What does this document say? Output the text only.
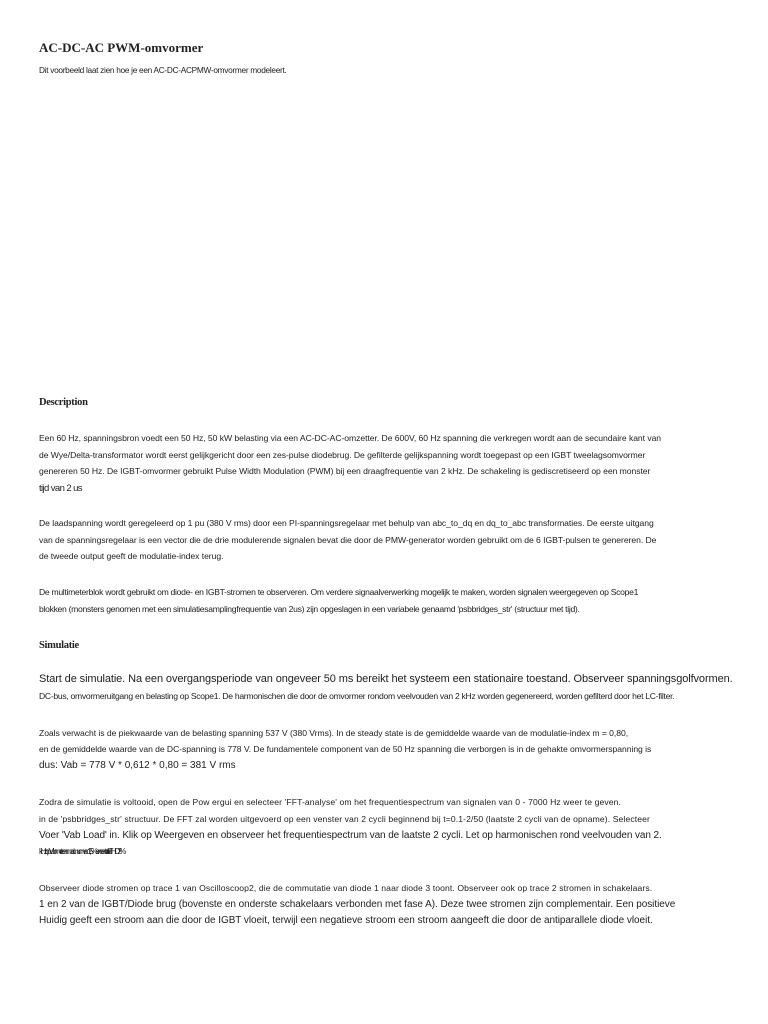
AC-DC-AC PWM-omvormer
Dit voorbeeld laat zien hoe je een AC-DC-ACPMW-omvormer modeleert.
Description
Een 60 Hz, spanningsbron voedt een 50 Hz, 50 kW belasting via een AC-DC-AC-omzetter. De 600V, 60 Hz spanning die verkregen wordt aan de secundaire kant van
de Wye/Delta-transformator wordt eerst gelijkgericht door een zes-pulse diodebrug. De gefilterde gelijkspanning wordt toegepast op een IGBT tweelagsomvormer
genereren 50 Hz. De IGBT-omvormer gebruikt Pulse Width Modulation (PWM) bij een draagfrequentie van 2 kHz. De schakeling is gediscretiseerd op een monster
tijd van 2 us
De laadspanning wordt geregeleerd op 1 pu (380 V rms) door een PI-spanningsregelaar met behulp van abc_to_dq en dq_to_abc transformaties. De eerste uitgang
van de spanningsregelaar is een vector die de drie modulerende signalen bevat die door de PMW-generator worden gebruikt om de 6 IGBT-pulsen te genereren. De
de tweede output geeft de modulatie-index terug.
De multimeterblok wordt gebruikt om diode- en IGBT-stromen te observeren. Om verdere signaalverwerking mogelijk te maken, worden signalen weergegeven op Scope1
blokken (monsters genomen met een simulatiesamplingfrequentie van 2us) zijn opgeslagen in een variabele genaamd 'psbbridges_str' (structuur met tijd).
Simulatie
Start de simulatie. Na een overgangsperiode van ongeveer 50 ms bereikt het systeem een stationaire toestand. Observeer spanningsgolfvormen.
DC-bus, omvormeruitgang en belasting op Scope1. De harmonischen die door de omvormer rondom veelvouden van 2 kHz worden gegenereerd, worden gefilterd door het LC-filter.
Zoals verwacht is de piekwaarde van de belasting spanning 537 V (380 Vrms). In de steady state is de gemiddelde waarde van de modulatie-index m = 0,80,
en de gemiddelde waarde van de DC-spanning is 778 V. De fundamentele component van de 50 Hz spanning die verborgen is in de gehakte omvormerspanning is
dus: Vab = 778 V * 0,612 * 0,80 = 381 V rms
Zodra de simulatie is voltooid, open de Pow ergui en selecteer 'FFT-analyse' om het frequentiespectrum van signalen van 0 - 7000 Hz weer te geven.
in de 'psbbridges_str' structuur. De FFT zal worden uitgevoerd op een venster van 2 cycli beginnend bij t=0.1-2/50 (laatste 2 cycli van de opname). Selecteer
Voer 'Vab Load' in. Klik op Weergeven en observeer het frequentiespectrum van de laatste 2 cycli. Let op harmonischen rond veelvouden van 2.
kHz op Vab met een maximum van 1,5% en een totale THD 2%
Observeer diode stromen op trace 1 van Oscilloscoop2, die de commutatie van diode 1 naar diode 3 toont. Observeer ook op trace 2 stromen in schakelaars.
1 en 2 van de IGBT/Diode brug (bovenste en onderste schakelaars verbonden met fase A). Deze twee stromen zijn complementair. Een positieve
Huidig geeft een stroom aan die door de IGBT vloeit, terwijl een negatieve stroom een stroom aangeeft die door de antiparallele diode vloeit.
